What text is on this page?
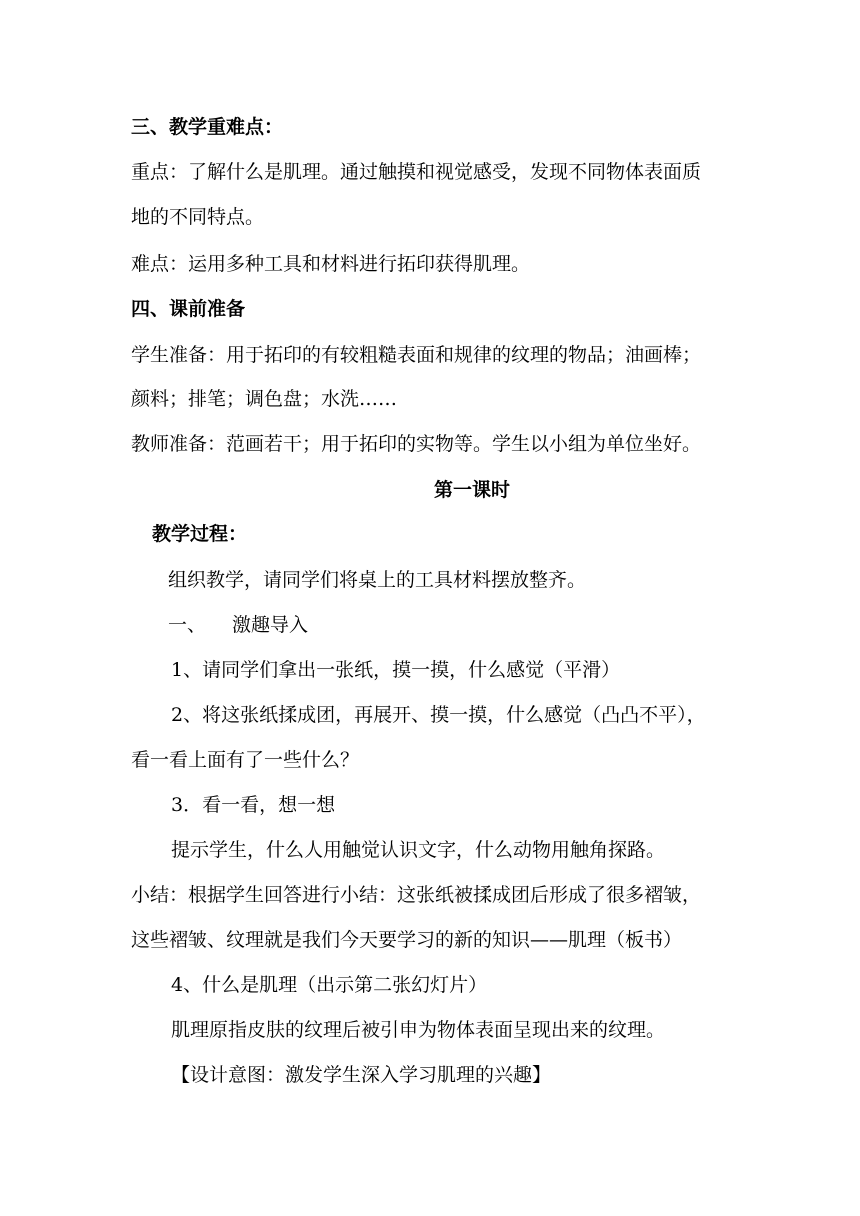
三、教学重难点：
重点：了解什么是肌理。通过触摸和视觉感受，发现不同物体表面质
地的不同特点。
难点：运用多种工具和材料进行拓印获得肌理。
四、课前准备
学生准备：用于拓印的有较粗糙表面和规律的纹理的物品；油画棒；
颜料；排笔；调色盘；水洗……
教师准备：范画若干；用于拓印的实物等。学生以小组为单位坐好。
第一课时
教学过程：
组织教学，请同学们将桌上的工具材料摆放整齐。
一、 激趣导入
1、请同学们拿出一张纸，摸一摸，什么感觉（平滑）
2、将这张纸揉成团，再展开、摸一摸，什么感觉（凸凸不平），
看一看上面有了一些什么？
3．看一看，想一想
提示学生，什么人用触觉认识文字，什么动物用触角探路。
小结：根据学生回答进行小结：这张纸被揉成团后形成了很多褶皱，
这些褶皱、纹理就是我们今天要学习的新的知识——肌理（板书）
4、什么是肌理（出示第二张幻灯片）
肌理原指皮肤的纹理后被引申为物体表面呈现出来的纹理。
【设计意图：激发学生深入学习肌理的兴趣】
